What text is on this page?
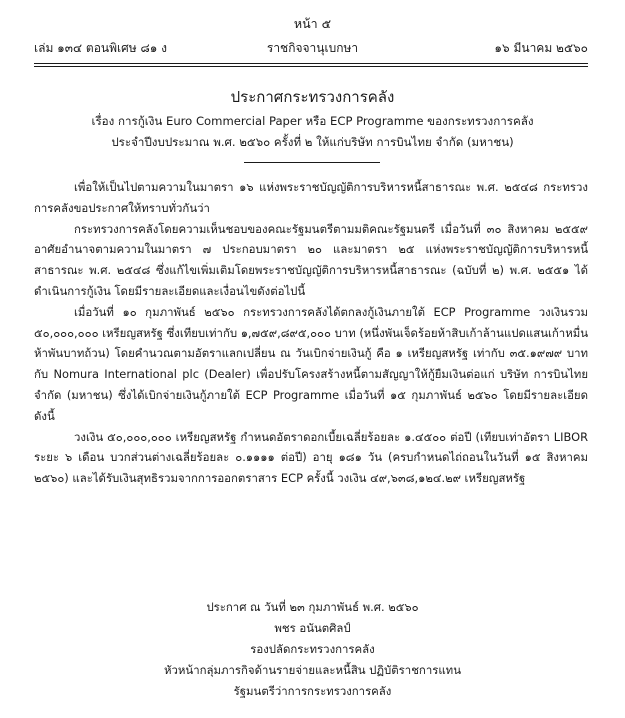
หน้า ๕
เล่ม ๑๓๔ ตอนพิเศษ ๘๑ ง	ราชกิจจานุเบกษา	๑๖ มีนาคม ๒๕๖๐
ประกาศกระทรวงการคลัง
เรื่อง การกู้เงิน Euro Commercial Paper หรือ ECP Programme ของกระทรวงการคลัง
ประจำปีงบประมาณ พ.ศ. ๒๕๖๐ ครั้งที่ ๒ ให้แก่บริษัท การบินไทย จำกัด (มหาชน)

เพื่อให้เป็นไปตามความในมาตรา ๑๖ แห่งพระราชบัญญัติการบริหารหนี้สาธารณะ พ.ศ. ๒๕๔๘ กระทรวงการคลังขอประกาศให้ทราบทั่วกันว่า

กระทรวงการคลังโดยความเห็นชอบของคณะรัฐมนตรีตามมติคณะรัฐมนตรี เมื่อวันที่ ๓๐ สิงหาคม ๒๕๕๙ อาศัยอำนาจตามความในมาตรา ๗ ประกอบมาตรา ๒๐ และมาตรา ๒๕ แห่งพระราชบัญญัติการบริหารหนี้สาธารณะ พ.ศ. ๒๕๔๘ ซึ่งแก้ไขเพิ่มเติมโดยพระราชบัญญัติการบริหารหนี้สาธารณะ (ฉบับที่ ๒) พ.ศ. ๒๕๕๑ ได้ดำเนินการกู้เงิน โดยมีรายละเอียดและเงื่อนไขดังต่อไปนี้

เมื่อวันที่ ๑๐ กุมภาพันธ์ ๒๕๖๐ กระทรวงการคลังได้ตกลงกู้เงินภายใต้ ECP Programme วงเงินรวม ๕๐,๐๐๐,๐๐๐ เหรียญสหรัฐ ซึ่งเทียบเท่ากับ ๑,๗๕๙,๘๙๕,๐๐๐ บาท (หนึ่งพันเจ็ดร้อยห้าสิบเก้าล้านแปดแสนเก้าหมื่นห้าพันบาทถ้วน) โดยคำนวณตามอัตราแลกเปลี่ยน ณ วันเบิกจ่ายเงินกู้ คือ ๑ เหรียญสหรัฐ เท่ากับ ๓๕.๑๙๗๙ บาท กับ Nomura International plc (Dealer) เพื่อปรับโครงสร้างหนี้ตามสัญญาให้กู้ยืมเงินต่อแก่ บริษัท การบินไทย จำกัด (มหาชน) ซึ่งได้เบิกจ่ายเงินกู้ภายใต้ ECP Programme เมื่อวันที่ ๑๕ กุมภาพันธ์ ๒๕๖๐ โดยมีรายละเอียด ดังนี้

วงเงิน ๕๐,๐๐๐,๐๐๐ เหรียญสหรัฐ กำหนดอัตราดอกเบี้ยเฉลี่ยร้อยละ ๑.๔๕๐๐ ต่อปี (เทียบเท่าอัตรา LIBOR ระยะ ๖ เดือน บวกส่วนต่างเฉลี่ยร้อยละ ๐.๑๑๑๑ ต่อปี) อายุ ๑๘๑ วัน (ครบกำหนดไถ่ถอนในวันที่ ๑๕ สิงหาคม ๒๕๖๐) และได้รับเงินสุทธิรวมจากการออกตราสาร ECP ครั้งนี้ วงเงิน ๔๙,๖๓๘,๑๒๔.๒๙ เหรียญสหรัฐ

ประกาศ ณ วันที่ ๒๓ กุมภาพันธ์ พ.ศ. ๒๕๖๐
พชร อนันตศิลป์
รองปลัดกระทรวงการคลัง
หัวหน้ากลุ่มภารกิจด้านรายจ่ายและหนี้สิน ปฏิบัติราชการแทน
รัฐมนตรีว่าการกระทรวงการคลัง
